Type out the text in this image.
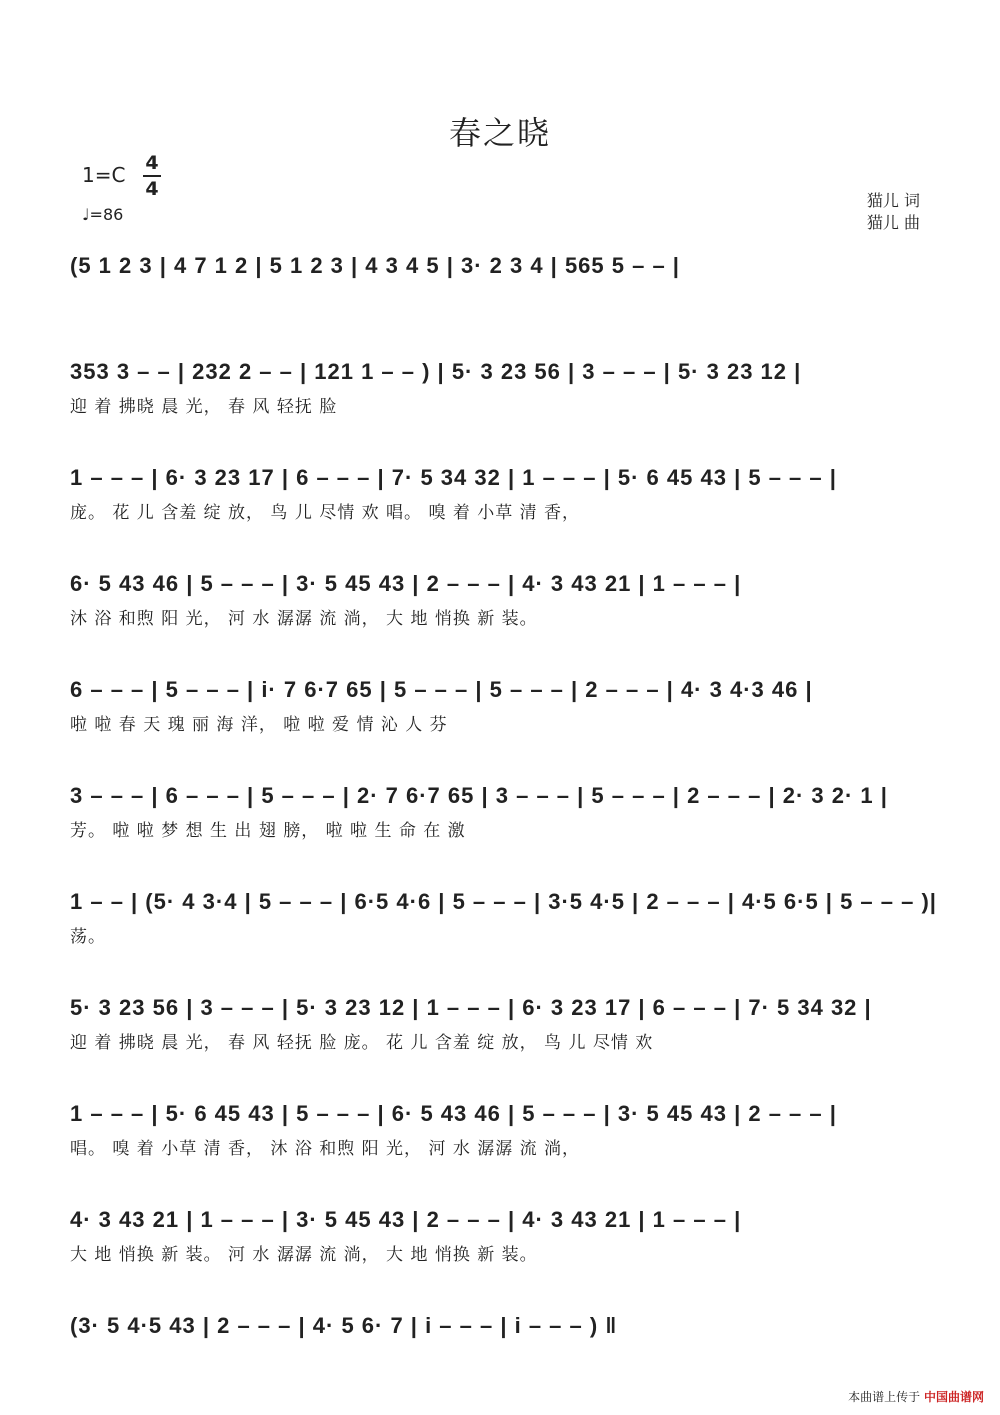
春之晓
1=C 4
4
♩=86
猫儿 词
猫儿 曲
(5 1 2 3 | 4 7 1 2 | 5 1 2 3 | 4 3 4 5 | 3· 2 3 4 | 565 5 – – |
353 3 – – | 232 2 – – | 121 1 – – ) | 5· 3 23 56 | 3 – – – | 5· 3 23 12 |
迎 着 拂晓 晨 光， 春 风 轻抚 脸
1 – – – | 6· 3 23 17 | 6 – – – | 7· 5 34 32 | 1 – – – | 5· 6 45 43 | 5 – – – |
庞。 花 儿 含羞 绽 放， 鸟 儿 尽情 欢 唱。 嗅 着 小草 清 香，
6· 5 43 46 | 5 – – – | 3· 5 45 43 | 2 – – – | 4· 3 43 21 | 1 – – – |
沐 浴 和煦 阳 光， 河 水 潺潺 流 淌， 大 地 悄换 新 装。
6 – – – | 5 – – – | i· 7 6·7 65 | 5 – – – | 5 – – – | 2 – – – | 4· 3 4·3 46 |
啦 啦 春 天 瑰 丽 海 洋， 啦 啦 爱 情 沁 人 芬
3 – – – | 6 – – – | 5 – – – | 2· 7 6·7 65 | 3 – – – | 5 – – – | 2 – – – | 2· 3 2· 1 |
芳。 啦 啦 梦 想 生 出 翅 膀， 啦 啦 生 命 在 激
1 – – | (5· 4 3·4 | 5 – – – | 6·5 4·6 | 5 – – – | 3·5 4·5 | 2 – – – | 4·5 6·5 | 5 – – – )|
荡。
5· 3 23 56 | 3 – – – | 5· 3 23 12 | 1 – – – | 6· 3 23 17 | 6 – – – | 7· 5 34 32 |
迎 着 拂晓 晨 光， 春 风 轻抚 脸 庞。 花 儿 含羞 绽 放， 鸟 儿 尽情 欢
1 – – – | 5· 6 45 43 | 5 – – – | 6· 5 43 46 | 5 – – – | 3· 5 45 43 | 2 – – – |
唱。 嗅 着 小草 清 香， 沐 浴 和煦 阳 光， 河 水 潺潺 流 淌，
4· 3 43 21 | 1 – – – | 3· 5 45 43 | 2 – – – | 4· 3 43 21 | 1 – – – |
大 地 悄换 新 装。 河 水 潺潺 流 淌， 大 地 悄换 新 装。
(3· 5 4·5 43 | 2 – – – | 4· 5 6· 7 | i – – – | i – – – ) ‖
本曲谱上传于 中国曲谱网
